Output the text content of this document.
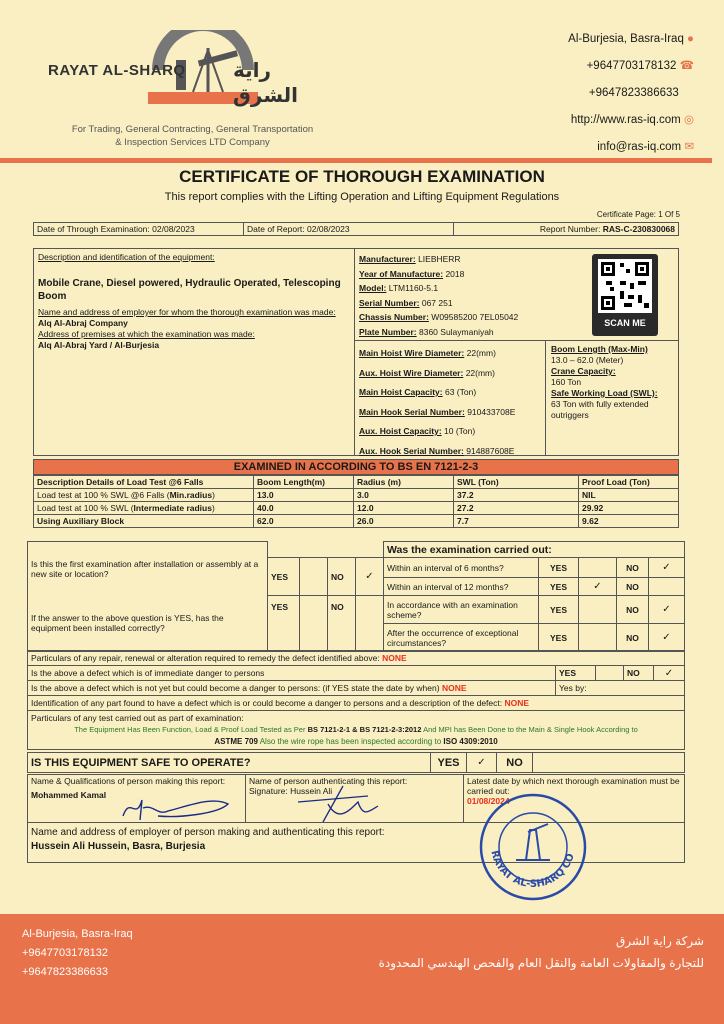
RAYAT AL-SHARQ راية الشرق
For Trading, General Contracting, General Transportation
& Inspection Services LTD Company
Al-Burjesia, Basra-Iraq ●
+9647703178132 ☎
+9647823386633
http://www.ras-iq.com ◎
info@ras-iq.com ✉
CERTIFICATE OF THOROUGH EXAMINATION
This report complies with the Lifting Operation and Lifting Equipment Regulations
Certificate Page: 1 Of 5
Date of Through Examination: 02/08/2023	Date of Report: 02/08/2023	Report Number: RAS-C-230830068
Description and identification of the equipment:
Mobile Crane, Diesel powered, Hydraulic Operated, Telescoping Boom
Name and address of employer for whom the thorough examination was made:
Alq Al-Abraj Company
Address of premises at which the examination was made:
Alq Al-Abraj Yard / Al-Burjesia
Manufacturer: LIEBHERR
Year of Manufacture: 2018
Model: LTM1160-5.1
Serial Number: 067 251
Chassis Number: W09585200 7EL05042
Plate Number: 8360 Sulaymaniyah
SCAN ME
Main Hoist Wire Diameter: 22(mm)
Aux. Hoist Wire Diameter: 22(mm)
Main Hoist Capacity: 63 (Ton)
Main Hook Serial Number: 910433708E
Aux. Hoist Capacity: 10 (Ton)
Aux. Hook Serial Number: 914887608E
Boom Length (Max-Min)
13.0 – 62.0 (Meter)
Crane Capacity:
160 Ton
Safe Working Load (SWL):
63 Ton with fully extended outriggers
EXAMINED IN ACCORDING TO BS EN 7121-2-3
Description Details of Load Test @6 Falls	Boom Length(m)	Radius (m)	SWL (Ton)	Proof Load (Ton)
Load test at 100 % SWL @6 Falls (Min.radius)	13.0	3.0	37.2	NIL
Load test at 100 % SWL (Intermediate radius)	40.0	12.0	27.2	29.92
Using Auxiliary Block	62.0	26.0	7.7	9.62
Is this the first examination after installation or assembly at a new site or location?					Was the examination carried out:				
	YES		NO	✓	Within an interval of 6 months?	YES		NO	✓
					Within an interval of 12 months?	YES	✓	NO	
If the answer to the above question is YES, has the equipment been installed correctly?	YES		NO		In accordance with an examination scheme?	YES		NO	✓
					After the occurrence of exceptional circumstances?	YES		NO	✓
Particulars of any repair, renewal or alteration required to remedy the defect identified above: NONE				
Is the above a defect which is of immediate danger to persons	YES		NO	✓
Is the above a defect which is not yet but could become a danger to persons: (if YES state the date by when) NONE	Yes by:			
Identification of any part found to have a defect which is or could become a danger to persons and a description of the defect: NONE				

Particulars of any test carried out as part of examination:
The Equipment Has Been Function, Load & Proof Load Tested as Per BS 7121-2-1 & BS 7121-2-3:2012 And MPI has Been Done to the Main & Single Hook According to
ASTME 709 Also the wire rope has been inspected according to ISO 4309:2010				
IS THIS EQUIPMENT SAFE TO OPERATE?	YES	✓	NO	
Name & Qualifications of person making this report:
Mohammed Kamal

Name of person authenticating this report:
Signature: Hussein Ali

Latest date by which next thorough examination must be carried out:
01/08/2024

Name and address of employer of person making and authenticating this report:
Hussein Ali Hussein, Basra, Burjesia
RAYAT AL-SHARQ CO
Al-Burjesia, Basra-Iraq
+9647703178132
+9647823386633
شركة راية الشرق
للتجارة والمقاولات العامة والنقل العام والفحص الهندسي المحدودة
